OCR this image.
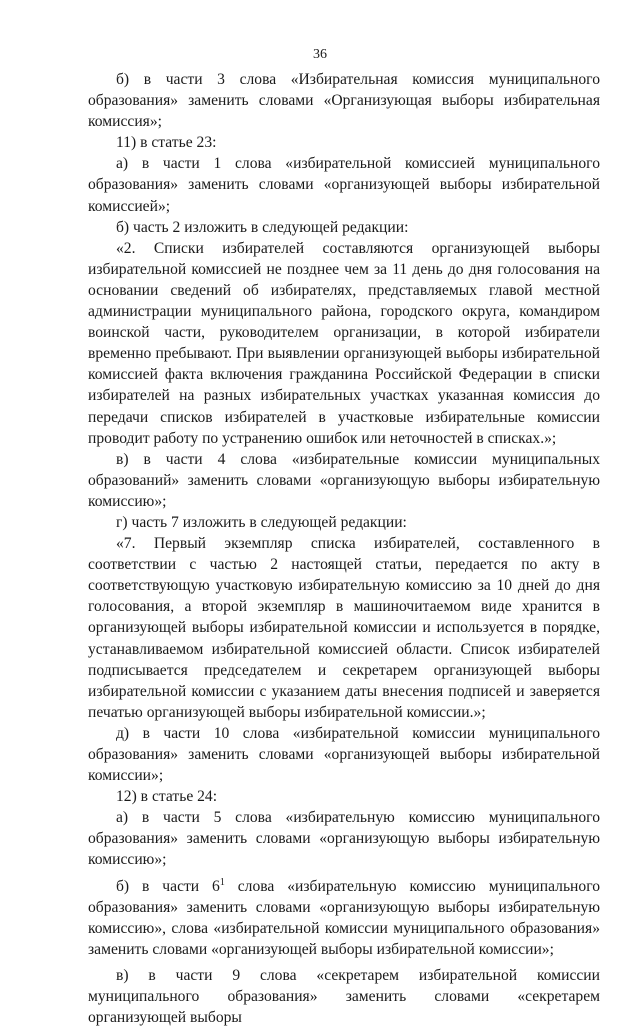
36

б) в части 3 слова «Избирательная комиссия муниципального образования» заменить словами «Организующая выборы избирательная комиссия»;

11) в статье 23:

а) в части 1 слова «избирательной комиссией муниципального образования» заменить словами «организующей выборы избирательной комиссией»;

б) часть 2 изложить в следующей редакции:

«2. Списки избирателей составляются организующей выборы избирательной комиссией не позднее чем за 11 день до дня голосования на основании сведений об избирателях, представляемых главой местной администрации муниципального района, городского округа, командиром воинской части, руководителем организации, в которой избиратели временно пребывают. При выявлении организующей выборы избирательной комиссией факта включения гражданина Российской Федерации в списки избирателей на разных избирательных участках указанная комиссия до передачи списков избирателей в участковые избирательные комиссии проводит работу по устранению ошибок или неточностей в списках.»;

в) в части 4 слова «избирательные комиссии муниципальных образований» заменить словами «организующую выборы избирательную комиссию»;

г) часть 7 изложить в следующей редакции:

«7. Первый экземпляр списка избирателей, составленного в соответствии с частью 2 настоящей статьи, передается по акту в соответствующую участковую избирательную комиссию за 10 дней до дня голосования, а второй экземпляр в машиночитаемом виде хранится в организующей выборы избирательной комиссии и используется в порядке, устанавливаемом избирательной комиссией области. Список избирателей подписывается председателем и секретарем организующей выборы избирательной комиссии с указанием даты внесения подписей и заверяется печатью организующей выборы избирательной комиссии.»;

д) в части 10 слова «избирательной комиссии муниципального образования» заменить словами «организующей выборы избирательной комиссии»;

12) в статье 24:

а) в части 5 слова «избирательную комиссию муниципального образования» заменить словами «организующую выборы избирательную комиссию»;

б) в части $6^1$ слова «избирательную комиссию муниципального образования» заменить словами «организующую выборы избирательную комиссию», слова «избирательной комиссии муниципального образования» заменить словами «организующей выборы избирательной комиссии»;

в) в части 9 слова «секретарем избирательной комиссии муниципального образования» заменить словами «секретарем организующей выборы
